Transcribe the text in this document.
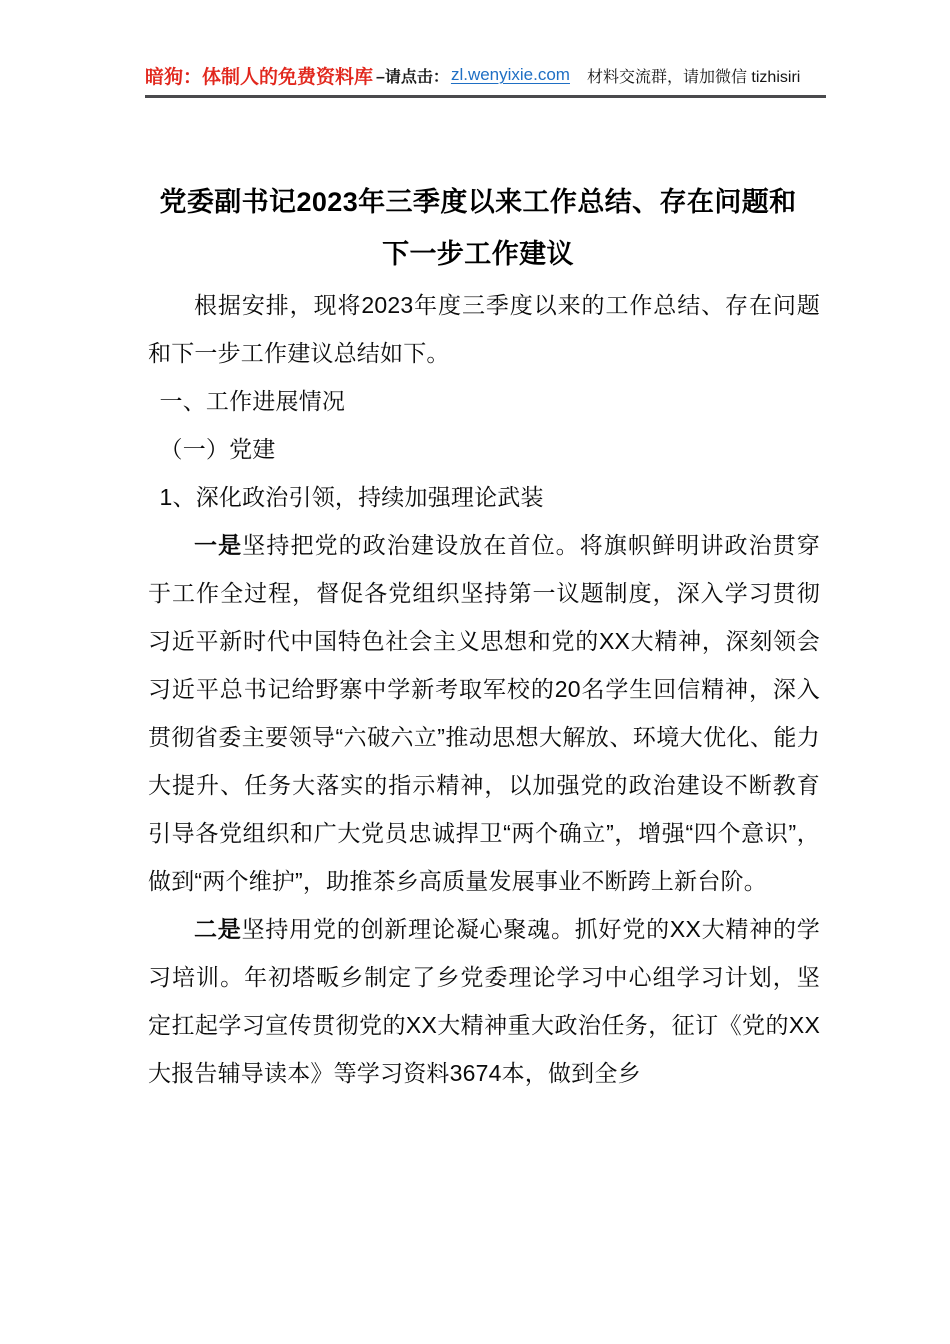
暗狗： 体制人的免费资料库 –请点击： zl.wenyixie.com 材料交流群，请加微信 tizhisiri
党委副书记2023年三季度以来工作总结、存在问题和下一步工作建议

根据安排，现将2023年度三季度以来的工作总结、存在问题和下一步工作建议总结如下。

一、工作进展情况

（一）党建

1、深化政治引领，持续加强理论武装

一是坚持把党的政治建设放在首位。将旗帜鲜明讲政治贯穿于工作全过程，督促各党组织坚持第一议题制度，深入学习贯彻习近平新时代中国特色社会主义思想和党的XX大精神，深刻领会习近平总书记给野寨中学新考取军校的20名学生回信精神，深入贯彻省委主要领导“六破六立”推动思想大解放、环境大优化、能力大提升、任务大落实的指示精神，以加强党的政治建设不断教育引导各党组织和广大党员忠诚捍卫“两个确立”，增强“四个意识”，做到“两个维护”，助推茶乡高质量发展事业不断跨上新台阶。

二是坚持用党的创新理论凝心聚魂。抓好党的XX大精神的学习培训。年初塔畈乡制定了乡党委理论学习中心组学习计划，坚定扛起学习宣传贯彻党的XX大精神重大政治任务，征订《党的XX大报告辅导读本》等学习资料3674本，做到全乡
